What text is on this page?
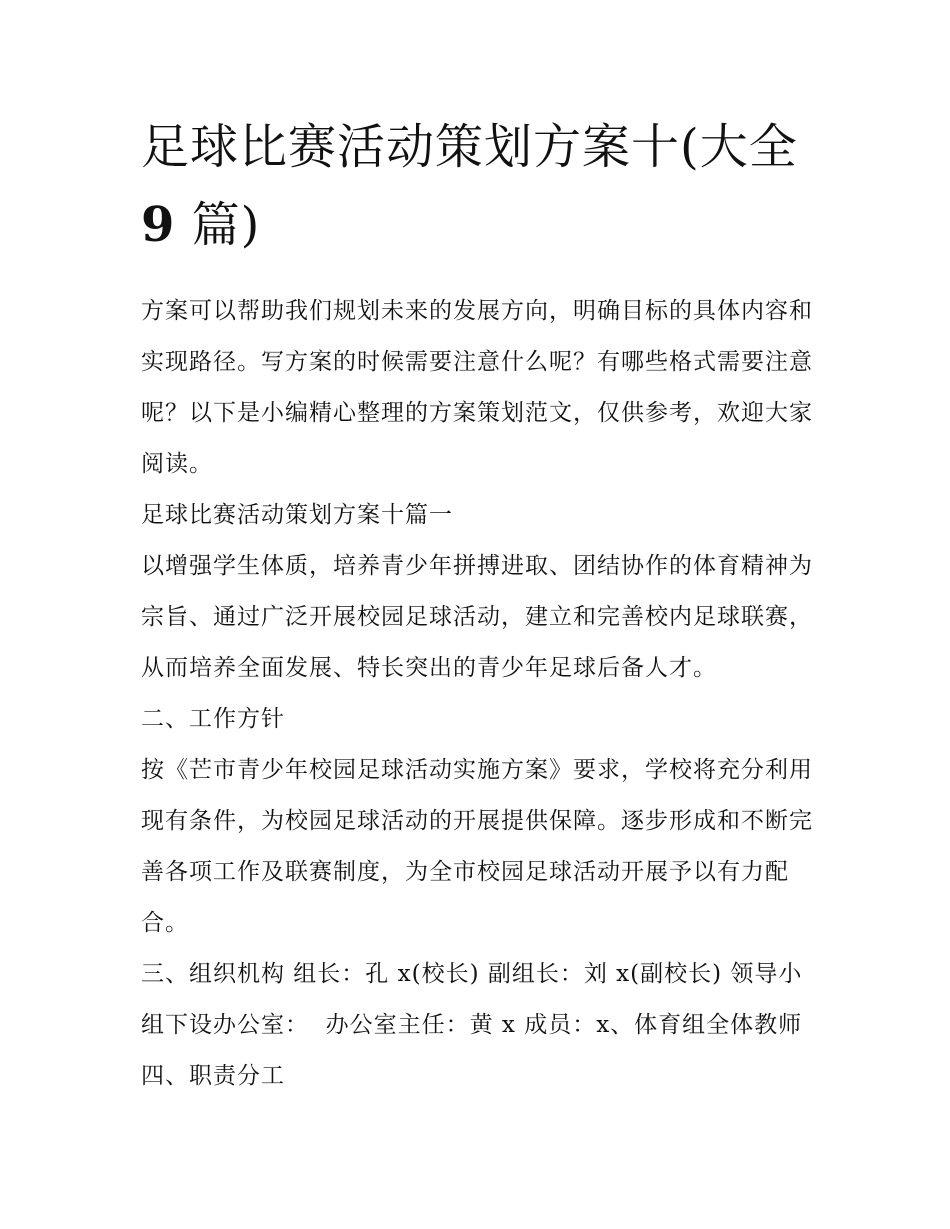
足球比赛活动策划方案十(大全
9 篇)

方案可以帮助我们规划未来的发展方向，明确目标的具体内容和实现路径。写方案的时候需要注意什么呢？有哪些格式需要注意呢？以下是小编精心整理的方案策划范文，仅供参考，欢迎大家阅读。

足球比赛活动策划方案十篇一

以增强学生体质，培养青少年拼搏进取、团结协作的体育精神为宗旨、通过广泛开展校园足球活动，建立和完善校内足球联赛，从而培养全面发展、特长突出的青少年足球后备人才。

二、工作方针

按《芒市青少年校园足球活动实施方案》要求，学校将充分利用现有条件，为校园足球活动的开展提供保障。逐步形成和不断完善各项工作及联赛制度，为全市校园足球活动开展予以有力配合。

三、组织机构 组长：孔 x(校长) 副组长：刘 x(副校长) 领导小组下设办公室：  办公室主任：黄 x 成员：x、体育组全体教师

四、职责分工
